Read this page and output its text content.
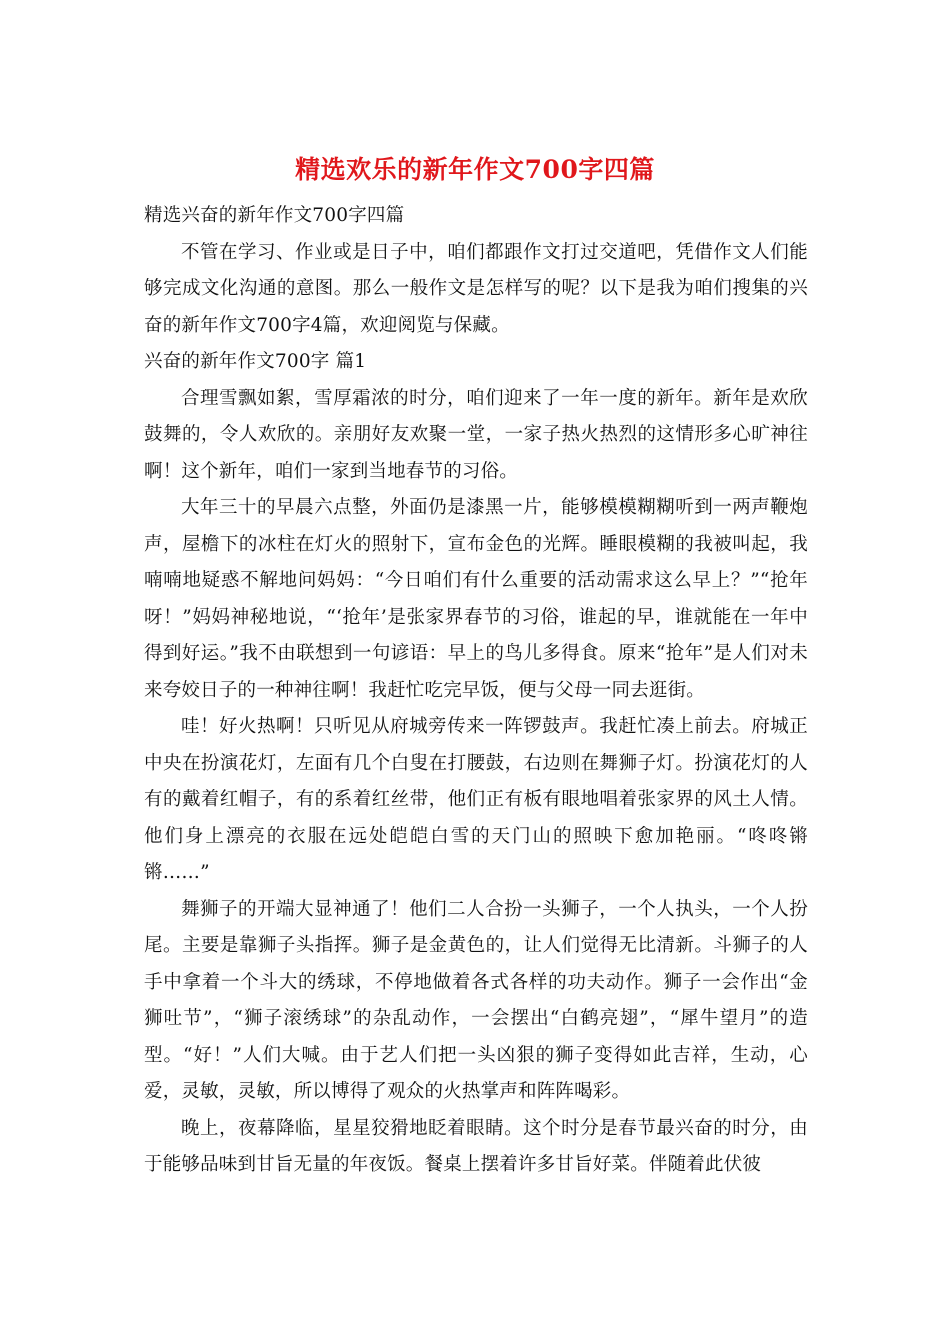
精选欢乐的新年作文700字四篇

精选兴奋的新年作文700字四篇

不管在学习、作业或是日子中，咱们都跟作文打过交道吧，凭借作文人们能够完成文化沟通的意图。那么一般作文是怎样写的呢？以下是我为咱们搜集的兴奋的新年作文700字4篇，欢迎阅览与保藏。

兴奋的新年作文700字 篇1

合理雪飘如絮，雪厚霜浓的时分，咱们迎来了一年一度的新年。新年是欢欣鼓舞的，令人欢欣的。亲朋好友欢聚一堂，一家子热火热烈的这情形多心旷神往啊！这个新年，咱们一家到当地春节的习俗。

大年三十的早晨六点整，外面仍是漆黑一片，能够模模糊糊听到一两声鞭炮声，屋檐下的冰柱在灯火的照射下，宣布金色的光辉。睡眼模糊的我被叫起，我喃喃地疑惑不解地问妈妈：“今日咱们有什么重要的活动需求这么早上？”“抢年呀！”妈妈神秘地说，“‘抢年’是张家界春节的习俗，谁起的早，谁就能在一年中得到好运。”我不由联想到一句谚语：早上的鸟儿多得食。原来“抢年”是人们对未来夸姣日子的一种神往啊！我赶忙吃完早饭，便与父母一同去逛街。

哇！好火热啊！只听见从府城旁传来一阵锣鼓声。我赶忙凑上前去。府城正中央在扮演花灯，左面有几个白叟在打腰鼓，右边则在舞狮子灯。扮演花灯的人有的戴着红帽子，有的系着红丝带，他们正有板有眼地唱着张家界的风土人情。他们身上漂亮的衣服在远处皑皑白雪的天门山的照映下愈加艳丽。“咚咚锵锵……”

舞狮子的开端大显神通了！他们二人合扮一头狮子，一个人执头，一个人扮尾。主要是靠狮子头指挥。狮子是金黄色的，让人们觉得无比清新。斗狮子的人手中拿着一个斗大的绣球，不停地做着各式各样的功夫动作。狮子一会作出“金狮吐节”，“狮子滚绣球”的杂乱动作，一会摆出“白鹤亮翅”，“犀牛望月”的造型。“好！”人们大喊。由于艺人们把一头凶狠的狮子变得如此吉祥，生动，心爱，灵敏，灵敏，所以博得了观众的火热掌声和阵阵喝彩。

晚上，夜幕降临，星星狡猾地眨着眼睛。这个时分是春节最兴奋的时分，由于能够品味到甘旨无量的年夜饭。餐桌上摆着许多甘旨好菜。伴随着此伏彼
